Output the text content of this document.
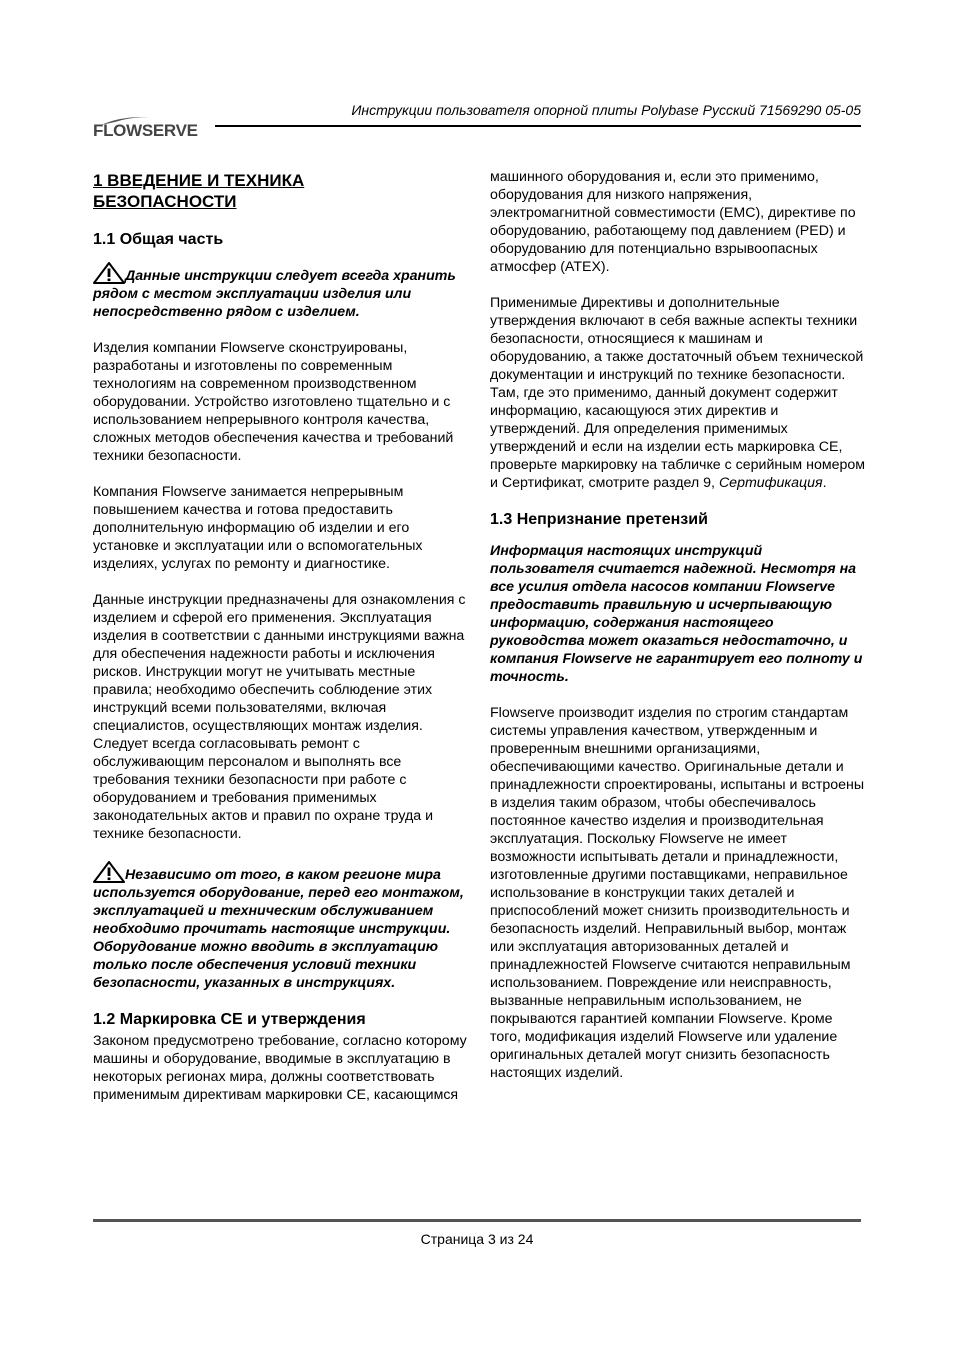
FLOWSERVE
Инструкции пользователя опорной плиты Polybase Русский 71569290 05-05
1 ВВЕДЕНИЕ И ТЕХНИКА БЕЗОПАСНОСТИ
1.1 Общая часть
Данные инструкции следует всегда хранить рядом с местом эксплуатации изделия или непосредственно рядом с изделием.

Изделия компании Flowserve сконструированы, разработаны и изготовлены по современным технологиям на современном производственном оборудовании. Устройство изготовлено тщательно и с использованием непрерывного контроля качества, сложных методов обеспечения качества и требований техники безопасности.

Компания Flowserve занимается непрерывным повышением качества и готова предоставить дополнительную информацию об изделии и его установке и эксплуатации или о вспомогательных изделиях, услугах по ремонту и диагностике.

Данные инструкции предназначены для ознакомления с изделием и сферой его применения. Эксплуатация изделия в соответствии с данными инструкциями важна для обеспечения надежности работы и исключения рисков. Инструкции могут не учитывать местные правила; необходимо обеспечить соблюдение этих инструкций всеми пользователями, включая специалистов, осуществляющих монтаж изделия. Следует всегда согласовывать ремонт с обслуживающим персоналом и выполнять все требования техники безопасности при работе с оборудованием и требования применимых законодательных актов и правил по охране труда и технике безопасности.

Независимо от того, в каком регионе мира используется оборудование, перед его монтажом, эксплуатацией и техническим обслуживанием необходимо прочитать настоящие инструкции. Оборудование можно вводить в эксплуатацию только после обеспечения условий техники безопасности, указанных в инструкциях.
1.2 Маркировка CE и утверждения

Законом предусмотрено требование, согласно которому машины и оборудование, вводимые в эксплуатацию в некоторых регионах мира, должны соответствовать применимым директивам маркировки CE, касающимся

машинного оборудования и, если это применимо, оборудования для низкого напряжения, электромагнитной совместимости (EMC), директиве по оборудованию, работающему под давлением (PED) и оборудованию для потенциально взрывоопасных атмосфер (ATEX).

Применимые Директивы и дополнительные утверждения включают в себя важные аспекты техники безопасности, относящиеся к машинам и оборудованию, а также достаточный объем технической документации и инструкций по технике безопасности. Там, где это применимо, данный документ содержит информацию, касающуюся этих директив и утверждений. Для определения применимых утверждений и если на изделии есть маркировка CE, проверьте маркировку на табличке с серийным номером и Сертификат, смотрите раздел 9, Сертификация.

1.3 Непризнание претензий

Информация настоящих инструкций пользователя считается надежной. Несмотря на все усилия отдела насосов компании Flowserve предоставить правильную и исчерпывающую информацию, содержания настоящего руководства может оказаться недостаточно, и компания Flowserve не гарантирует его полноту и точность.

Flowserve производит изделия по строгим стандартам системы управления качеством, утвержденным и проверенным внешними организациями, обеспечивающими качество. Оригинальные детали и принадлежности спроектированы, испытаны и встроены в изделия таким образом, чтобы обеспечивалось постоянное качество изделия и производительная эксплуатация. Поскольку Flowserve не имеет возможности испытывать детали и принадлежности, изготовленные другими поставщиками, неправильное использование в конструкции таких деталей и приспособлений может снизить производительность и безопасность изделий. Неправильный выбор, монтаж или эксплуатация авторизованных деталей и принадлежностей Flowserve считаются неправильным использованием. Повреждение или неисправность, вызванные неправильным использованием, не покрываются гарантией компании Flowserve. Кроме того, модификация изделий Flowserve или удаление оригинальных деталей могут снизить безопасность настоящих изделий.

Страница 3 из 24
